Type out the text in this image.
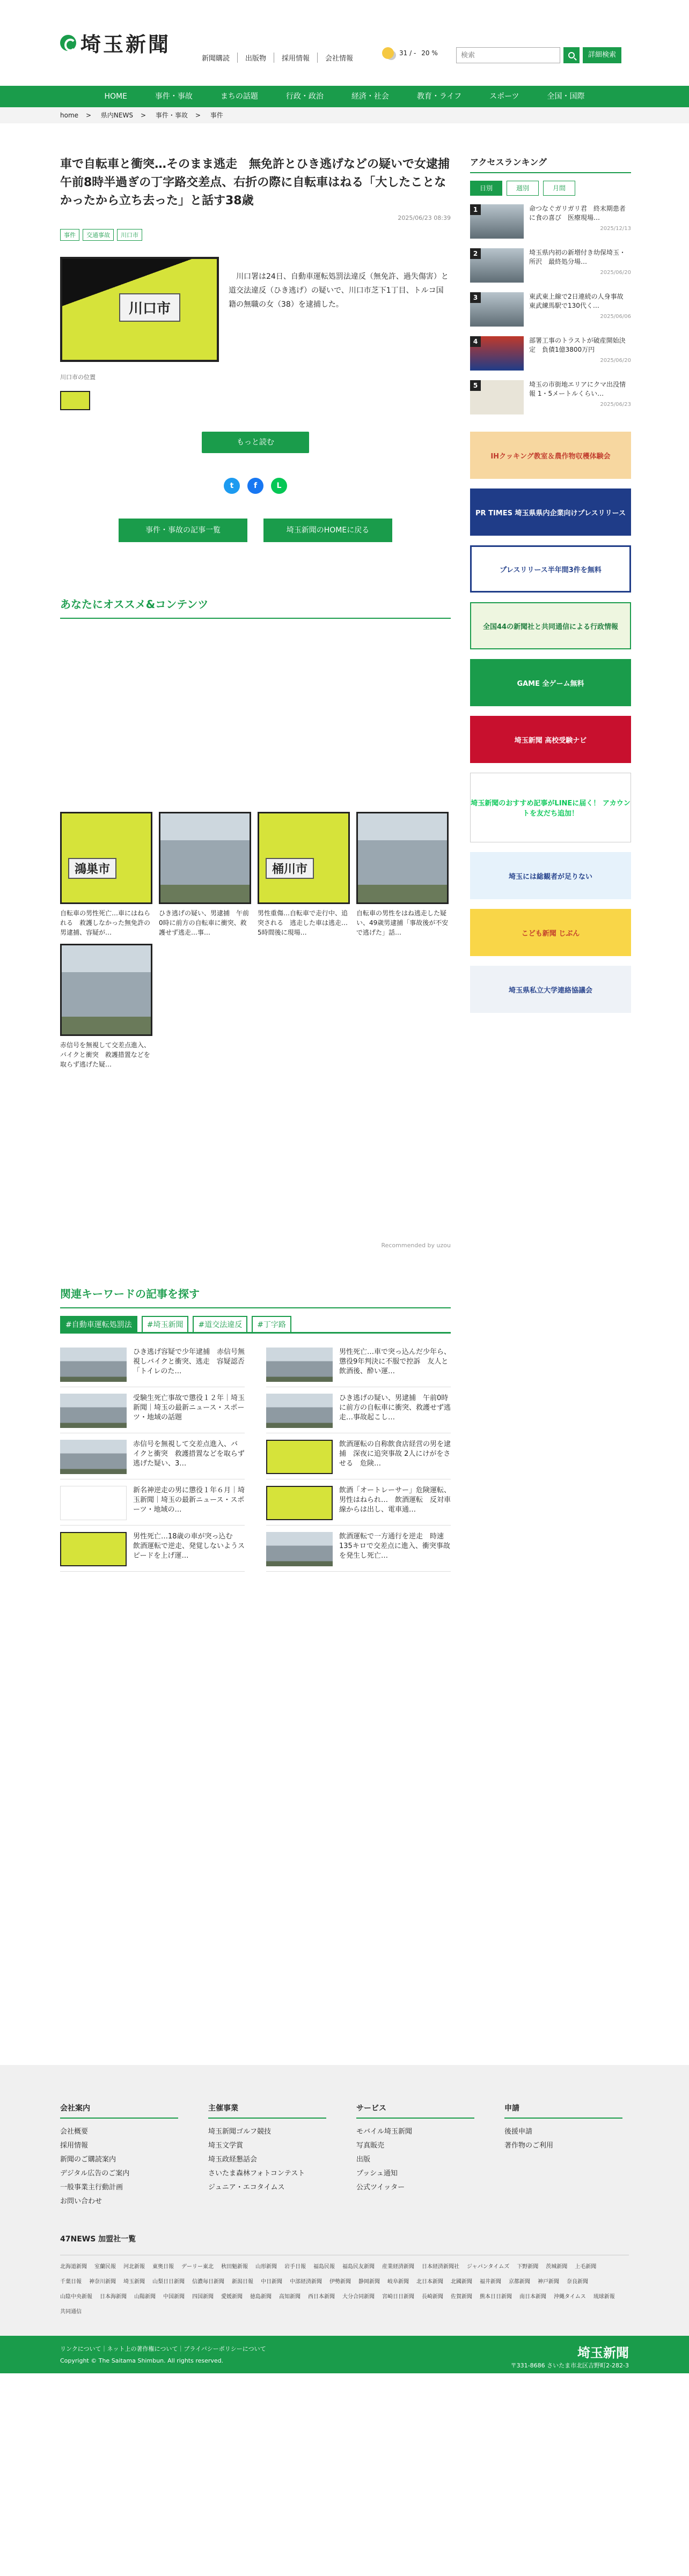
埼玉新聞
新聞購読	出版物	採用情報	会社情報
31 / - 20 %
検索	詳細検索
HOME	事件・事故	まちの話題	行政・政治	経済・社会	教育・ライフ	スポーツ	全国・国際
home > 県内NEWS > 事件・事故 > 事件
車で自転車と衝突…そのまま逃走　無免許とひき逃げなどの疑いで女逮捕　午前8時半過ぎの丁字路交差点、右折の際に自転車はねる「大したことなかったから立ち去った」と話す38歳
2025/06/23 08:39
事件	交通事故	川口市
川口市
川口市の位置

川口署は24日、自動車運転処罰法違反（無免許、過失傷害）と道交法違反（ひき逃げ）の疑いで、川口市芝下1丁目、トルコ国籍の無職の女（38）を逮捕した。

もっと読む
t	f	L
事件・事故の記事一覧	埼玉新聞のHOMEに戻る
あなたにオススメ&コンテンツ
鴻巣市

自転車の男性死亡…車にはねられる　救護しなかった無免許の男逮捕、容疑が…

ひき逃げの疑い、男逮捕　午前0時に前方の自転車に衝突、救護せず逃走…事…

桶川市

男性重傷…自転車で走行中、追突される　逃走した車は逃走…5時間後に現場…

自転車の男性をはね逃走した疑い、49歳男逮捕「事故後が不安で逃げた」話…

赤信号を無視して交差点進入、バイクと衝突　救護措置などを取らず逃げた疑…

Recommended by uzou
関連キーワードの記事を探す
#自動車運転処罰法	#埼玉新聞	#道交法違反	#丁字路

ひき逃げ容疑で少年逮捕　赤信号無視しバイクと衝突、逃走　容疑認否「トイレのた…

男性死亡…車で突っ込んだ少年ら、懲役9年判決に不服で控訴　友人と飲酒後、酔い運…

受験生死亡事故で懲役１２年｜埼玉新聞｜埼玉の最新ニュース・スポーツ・地域の話題

ひき逃げの疑い、男逮捕　午前0時に前方の自転車に衝突、救護せず逃走…事故起こし…

赤信号を無視して交差点進入、バイクと衝突　救護措置などを取らず逃げた疑い、3…

飲酒運転の自称飲食店経営の男を逮捕　深夜に追突事故 2人にけがをさせる　危険…

新名神逆走の男に懲役１年６月｜埼玉新聞｜埼玉の最新ニュース・スポーツ・地域の…

飲酒「オートレーサー」危険運転、男性はねられ…　飲酒運転　反対車線からは出し、電車通…

男性死亡…18歳の車が突っ込む　飲酒運転で逆走、発覚しないようスピードを上げ運…

飲酒運転で一方通行を逆走　時速135キロで交差点に進入、衝突事故を発生し死亡…

アクセスランキング
日別	週別	月間
1	命つなぐガリガリ君　終末期患者に食の喜び　医療現場…

2025/12/13
2	埼玉県内初の新増付き幼保埼玉・所沢　最終処分場…

2025/06/20
3	東武東上線で2日連続の人身事故　東武練馬駅で130代く…

2025/06/06
4	部署工事のトラストが破産開始決定　負債1億3800万円

2025/06/20
5	埼玉の市街地エリアにクマ出没情報 1・5メートルくらい…

2025/06/23
IHクッキング教室＆農作物収穫体験会
PR TIMES 埼玉県県内企業向けプレスリリース
プレスリリース半年間3件を無料
全国44の新聞社と共同通信による行政情報
GAME 全ゲーム無料
埼玉新聞 高校受験ナビ
埼玉新聞のおすすめ記事がLINEに届く！ アカウントを友だち追加！
埼玉には総観者が足りない
こども新聞 じぶん
埼玉県私立大学連絡協議会
会社案内
会社概要
採用情報
新聞のご購読案内
デジタル広告のご案内
一般事業主行動計画
お問い合わせ
主催事業
埼玉新聞ゴルフ競技
埼玉文学賞
埼玉政経懇話会
さいたま森林フォトコンテスト
ジュニア・エコタイムス
サービス
モバイル埼玉新聞
写真販売
出版
プッシュ通知
公式ツイッター
申請
後援申請
著作物のご利用
47NEWS 加盟社一覧
北海道新聞 室蘭民報 河北新報 東奥日報 デーリー東北 秋田魁新報 山形新聞 岩手日報 福島民報 福島民友新聞 産業経済新聞 日本経済新聞社 ジャパンタイムズ 下野新聞 茨城新聞 上毛新聞千葉日報 神奈川新聞 埼玉新聞 山梨日日新聞 信濃毎日新聞 新潟日報 中日新聞 中部経済新聞 伊勢新聞 静岡新聞 岐阜新聞 北日本新聞 北國新聞 福井新聞 京都新聞 神戸新聞 奈良新聞山陰中央新報 日本海新聞 山陽新聞 中国新聞 四国新聞 愛媛新聞 徳島新聞 高知新聞 西日本新聞 大分合同新聞 宮崎日日新聞 長崎新聞 佐賀新聞 熊本日日新聞 南日本新聞 沖縄タイムス 琉球新報共同通信
リンクについて｜ネット上の著作権について｜プライバシーポリシーについて
Copyright © The Saitama Shimbun. All rights reserved.
埼玉新聞
〒331-8686 さいたま市北区吉野町2-282-3
